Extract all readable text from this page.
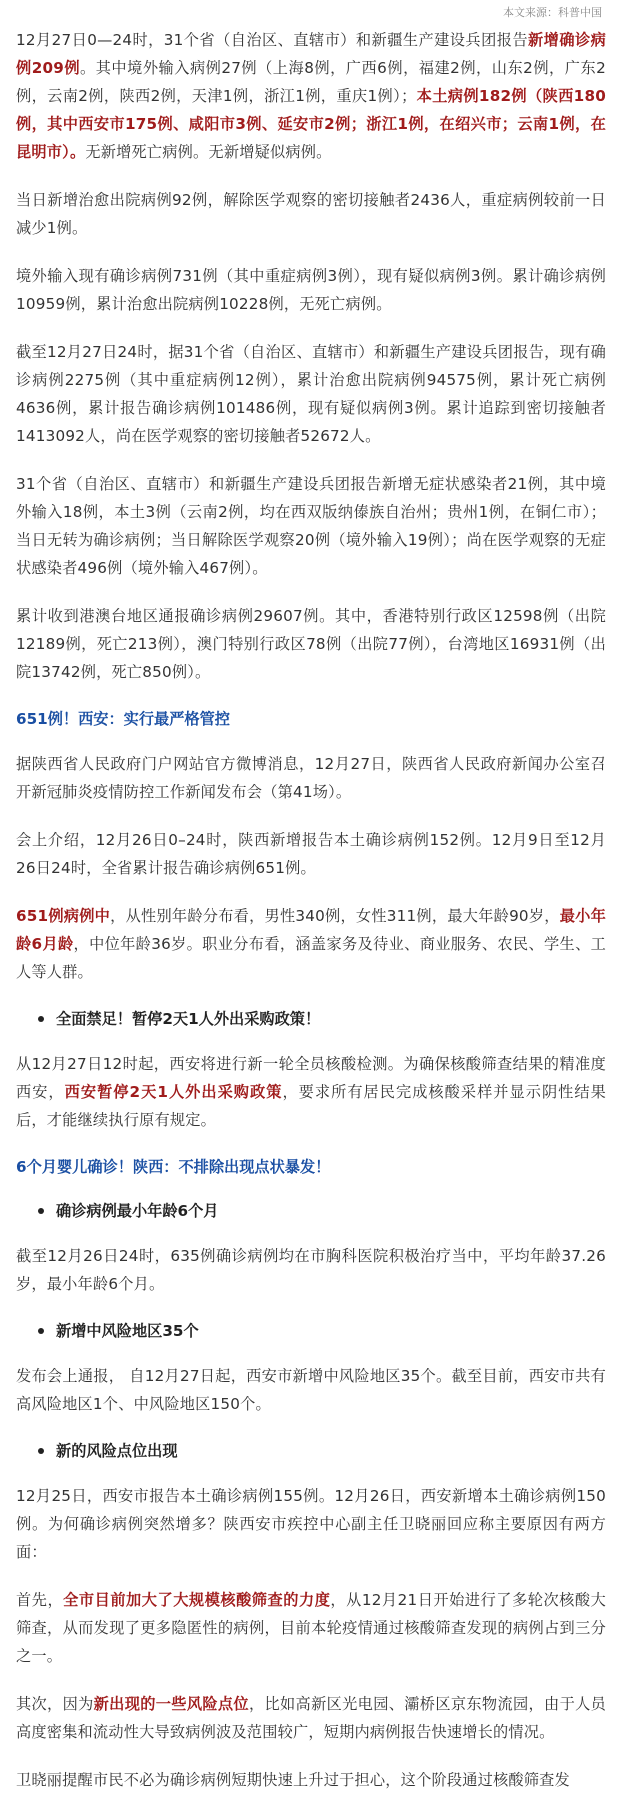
本文来源：科普中国

12月27日0—24时，31个省（自治区、直辖市）和新疆生产建设兵团报告新增确诊病例209例。其中境外输入病例27例（上海8例，广西6例，福建2例，山东2例，广东2例，云南2例，陕西2例，天津1例，浙江1例，重庆1例）；本土病例182例（陕西180例，其中西安市175例、咸阳市3例、延安市2例；浙江1例，在绍兴市；云南1例，在昆明市）。无新增死亡病例。无新增疑似病例。

当日新增治愈出院病例92例，解除医学观察的密切接触者2436人，重症病例较前一日减少1例。

境外输入现有确诊病例731例（其中重症病例3例），现有疑似病例3例。累计确诊病例10959例，累计治愈出院病例10228例，无死亡病例。

截至12月27日24时，据31个省（自治区、直辖市）和新疆生产建设兵团报告，现有确诊病例2275例（其中重症病例12例），累计治愈出院病例94575例，累计死亡病例4636例，累计报告确诊病例101486例，现有疑似病例3例。累计追踪到密切接触者1413092人，尚在医学观察的密切接触者52672人。

31个省（自治区、直辖市）和新疆生产建设兵团报告新增无症状感染者21例，其中境外输入18例，本土3例（云南2例，均在西双版纳傣族自治州；贵州1例，在铜仁市）；当日无转为确诊病例；当日解除医学观察20例（境外输入19例）；尚在医学观察的无症状感染者496例（境外输入467例）。

累计收到港澳台地区通报确诊病例29607例。其中，香港特别行政区12598例（出院12189例，死亡213例），澳门特别行政区78例（出院77例），台湾地区16931例（出院13742例，死亡850例）。

651例！西安：实行最严格管控

据陕西省人民政府门户网站官方微博消息，12月27日，陕西省人民政府新闻办公室召开新冠肺炎疫情防控工作新闻发布会（第41场）。

会上介绍，12月26日0–24时，陕西新增报告本土确诊病例152例。12月9日至12月26日24时，全省累计报告确诊病例651例。

651例病例中，从性别年龄分布看，男性340例，女性311例，最大年龄90岁，最小年龄6月龄，中位年龄36岁。职业分布看，涵盖家务及待业、商业服务、农民、学生、工人等人群。

全面禁足！暂停2天1人外出采购政策！

从12月27日12时起，西安将进行新一轮全员核酸检测。为确保核酸筛查结果的精准度西安，西安暂停2天1人外出采购政策，要求所有居民完成核酸采样并显示阴性结果后，才能继续执行原有规定。

6个月婴儿确诊！陕西：不排除出现点状暴发！
确诊病例最小年龄6个月

截至12月26日24时，635例确诊病例均在市胸科医院积极治疗当中，平均年龄37.26岁，最小年龄6个月。

新增中风险地区35个

发布会上通报， 自12月27日起，西安市新增中风险地区35个。截至目前，西安市共有高风险地区1个、中风险地区150个。

新的风险点位出现

12月25日，西安市报告本土确诊病例155例。12月26日，西安新增本土确诊病例150例。为何确诊病例突然增多？陕西安市疾控中心副主任卫晓丽回应称主要原因有两方面：

首先，全市目前加大了大规模核酸筛查的力度，从12月21日开始进行了多轮次核酸大筛查，从而发现了更多隐匿性的病例，目前本轮疫情通过核酸筛查发现的病例占到三分之一。

其次，因为新出现的一些风险点位，比如高新区光电园、灞桥区京东物流园，由于人员高度密集和流动性大导致病例波及范围较广，短期内病例报告快速增长的情况。

卫晓丽提醒市民不必为确诊病例短期快速上升过于担心，这个阶段通过核酸筛查发
